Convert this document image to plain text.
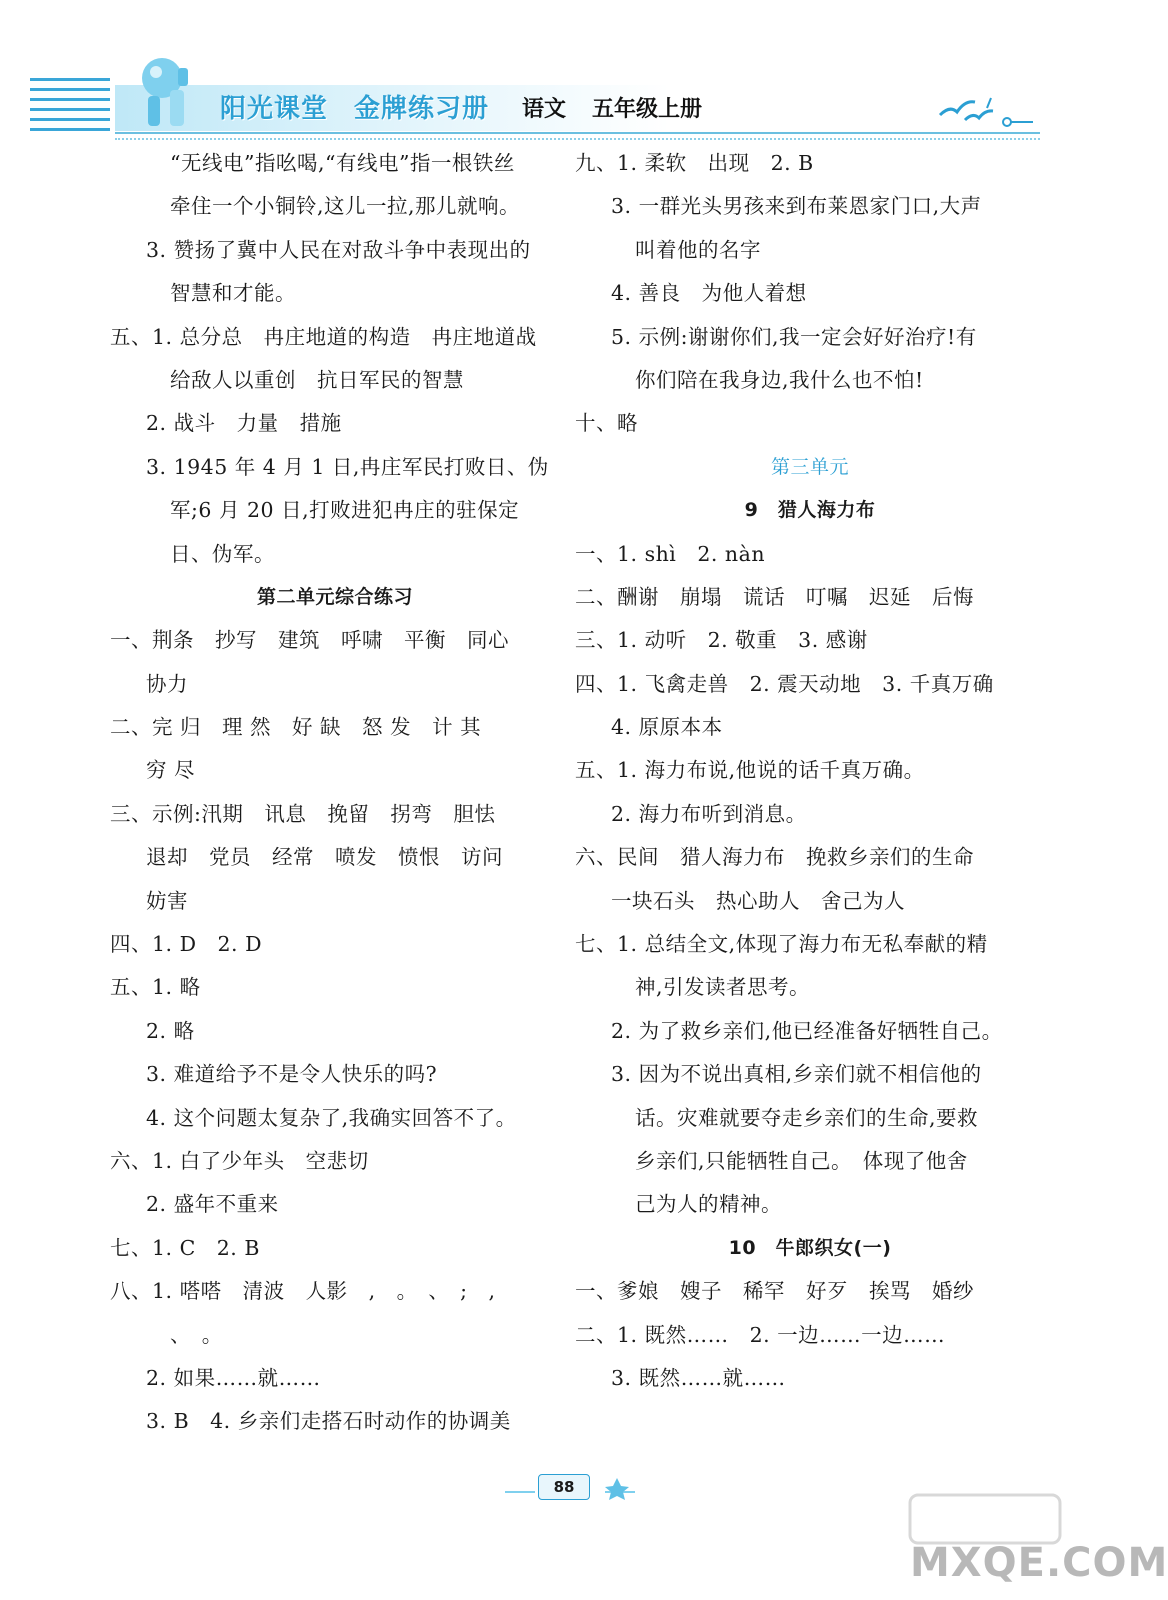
阳光课堂 金牌练习册	语文 五年级上册
“无线电”指吆喝,“有线电”指一根铁丝
牵住一个小铜铃,这儿一拉,那儿就响。
3. 赞扬了冀中人民在对敌斗争中表现出的
智慧和才能。
五、1. 总分总　冉庄地道的构造　冉庄地道战
给敌人以重创　抗日军民的智慧
2. 战斗　力量　措施
3. 1945 年 4 月 1 日,冉庄军民打败日、伪
军;6 月 20 日,打败进犯冉庄的驻保定
日、伪军。
第二单元综合练习
一、荆条　抄写　建筑　呼啸　平衡　同心
协力
二、完 归　理 然　好 缺　怒 发　计 其
穷 尽
三、示例:汛期　讯息　挽留　拐弯　胆怯
退却　党员　经常　喷发　愤恨　访问
妨害
四、1. D　2. D
五、1. 略
2. 略
3. 难道给予不是令人快乐的吗?
4. 这个问题太复杂了,我确实回答不了。
六、1. 白了少年头　空悲切
2. 盛年不重来
七、1. C　2. B
八、1. 嗒嗒　清波　人影　,　。　、　;　,
、　。
2. 如果……就……
3. B　4. 乡亲们走搭石时动作的协调美
九、1. 柔软　出现　2. B
3. 一群光头男孩来到布莱恩家门口,大声
叫着他的名字
4. 善良　为他人着想
5. 示例:谢谢你们,我一定会好好治疗!有
你们陪在我身边,我什么也不怕!
十、略
第三单元
9　猎人海力布
一、1. shì　2. nàn
二、酬谢　崩塌　谎话　叮嘱　迟延　后悔
三、1. 动听　2. 敬重　3. 感谢
四、1. 飞禽走兽　2. 震天动地　3. 千真万确
4. 原原本本
五、1. 海力布说,他说的话千真万确。
2. 海力布听到消息。
六、民间　猎人海力布　挽救乡亲们的生命
一块石头　热心助人　舍己为人
七、1. 总结全文,体现了海力布无私奉献的精
神,引发读者思考。
2. 为了救乡亲们,他已经准备好牺牲自己。
3. 因为不说出真相,乡亲们就不相信他的
话。灾难就要夺走乡亲们的生命,要救
乡亲们,只能牺牲自己。　体现了他舍
己为人的精神。
10　牛郎织女(一)
一、爹娘　嫂子　稀罕　好歹　挨骂　婚纱
二、1. 既然……　2. 一边……一边……
3. 既然……就……
88
MXQE.COM
